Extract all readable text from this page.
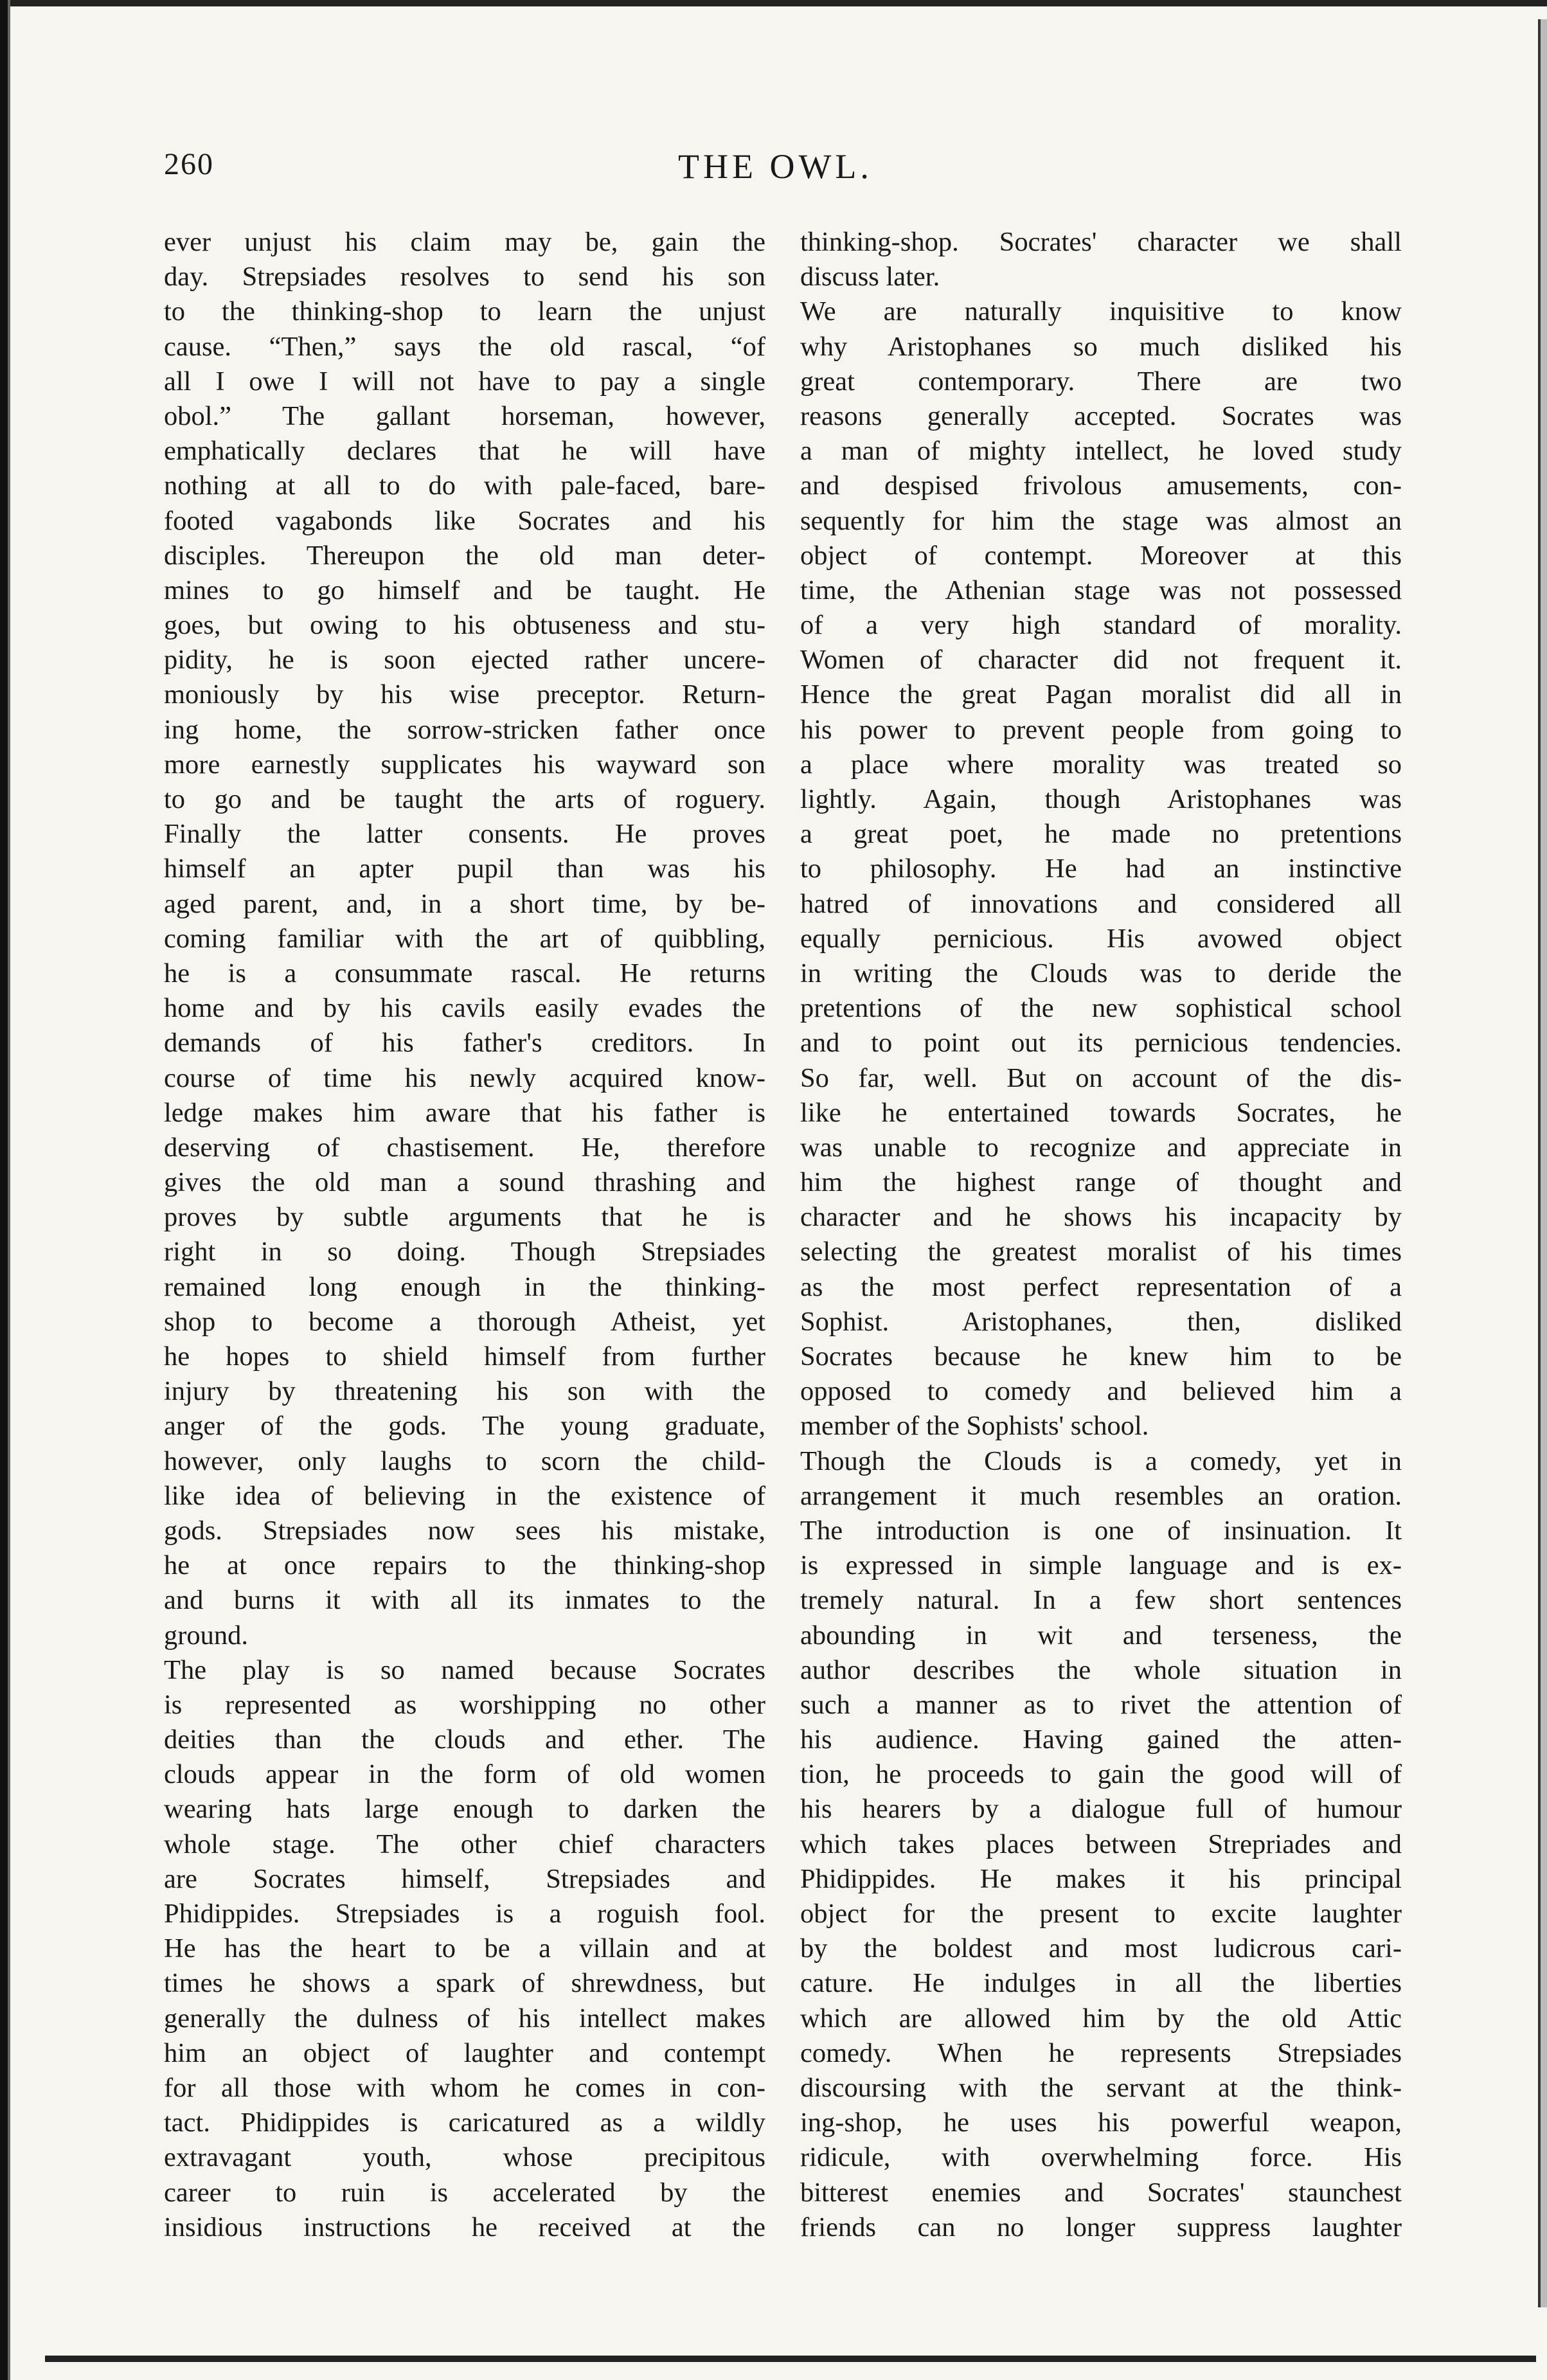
260	THE OWL.
ever unjust his claim may be, gain the
day. Strepsiades resolves to send his son
to the thinking-shop to learn the unjust
cause. “Then,” says the old rascal, “of
all I owe I will not have to pay a single
obol.” The gallant horseman, however,
emphatically declares that he will have
nothing at all to do with pale-faced, bare-
footed vagabonds like Socrates and his
disciples. Thereupon the old man deter-
mines to go himself and be taught. He
goes, but owing to his obtuseness and stu-
pidity, he is soon ejected rather uncere-
moniously by his wise preceptor. Return-
ing home, the sorrow-stricken father once
more earnestly supplicates his wayward son
to go and be taught the arts of roguery.
Finally the latter consents. He proves
himself an apter pupil than was his
aged parent, and, in a short time, by be-
coming familiar with the art of quibbling,
he is a consummate rascal. He returns
home and by his cavils easily evades the
demands of his father's creditors. In
course of time his newly acquired know-
ledge makes him aware that his father is
deserving of chastisement. He, therefore
gives the old man a sound thrashing and
proves by subtle arguments that he is
right in so doing. Though Strepsiades
remained long enough in the thinking-
shop to become a thorough Atheist, yet
he hopes to shield himself from further
injury by threatening his son with the
anger of the gods. The young graduate,
however, only laughs to scorn the child-
like idea of believing in the existence of
gods. Strepsiades now sees his mistake,
he at once repairs to the thinking-shop
and burns it with all its inmates to the
ground.
The play is so named because Socrates
is represented as worshipping no other
deities than the clouds and ether. The
clouds appear in the form of old women
wearing hats large enough to darken the
whole stage. The other chief characters
are Socrates himself, Strepsiades and
Phidippides. Strepsiades is a roguish fool.
He has the heart to be a villain and at
times he shows a spark of shrewdness, but
generally the dulness of his intellect makes
him an object of laughter and contempt
for all those with whom he comes in con-
tact. Phidippides is caricatured as a wildly
extravagant youth, whose precipitous
career to ruin is accelerated by the
insidious instructions he received at the
thinking-shop. Socrates' character we shall
discuss later.
We are naturally inquisitive to know
why Aristophanes so much disliked his
great contemporary. There are two
reasons generally accepted. Socrates was
a man of mighty intellect, he loved study
and despised frivolous amusements, con-
sequently for him the stage was almost an
object of contempt. Moreover at this
time, the Athenian stage was not possessed
of a very high standard of morality.
Women of character did not frequent it.
Hence the great Pagan moralist did all in
his power to prevent people from going to
a place where morality was treated so
lightly. Again, though Aristophanes was
a great poet, he made no pretentions
to philosophy. He had an instinctive
hatred of innovations and considered all
equally pernicious. His avowed object
in writing the Clouds was to deride the
pretentions of the new sophistical school
and to point out its pernicious tendencies.
So far, well. But on account of the dis-
like he entertained towards Socrates, he
was unable to recognize and appreciate in
him the highest range of thought and
character and he shows his incapacity by
selecting the greatest moralist of his times
as the most perfect representation of a
Sophist. Aristophanes, then, disliked
Socrates because he knew him to be
opposed to comedy and believed him a
member of the Sophists' school.
Though the Clouds is a comedy, yet in
arrangement it much resembles an oration.
The introduction is one of insinuation. It
is expressed in simple language and is ex-
tremely natural. In a few short sentences
abounding in wit and terseness, the
author describes the whole situation in
such a manner as to rivet the attention of
his audience. Having gained the atten-
tion, he proceeds to gain the good will of
his hearers by a dialogue full of humour
which takes places between Strepriades and
Phidippides. He makes it his principal
object for the present to excite laughter
by the boldest and most ludicrous cari-
cature. He indulges in all the liberties
which are allowed him by the old Attic
comedy. When he represents Strepsiades
discoursing with the servant at the think-
ing-shop, he uses his powerful weapon,
ridicule, with overwhelming force. His
bitterest enemies and Socrates' staunchest
friends can no longer suppress laughter
